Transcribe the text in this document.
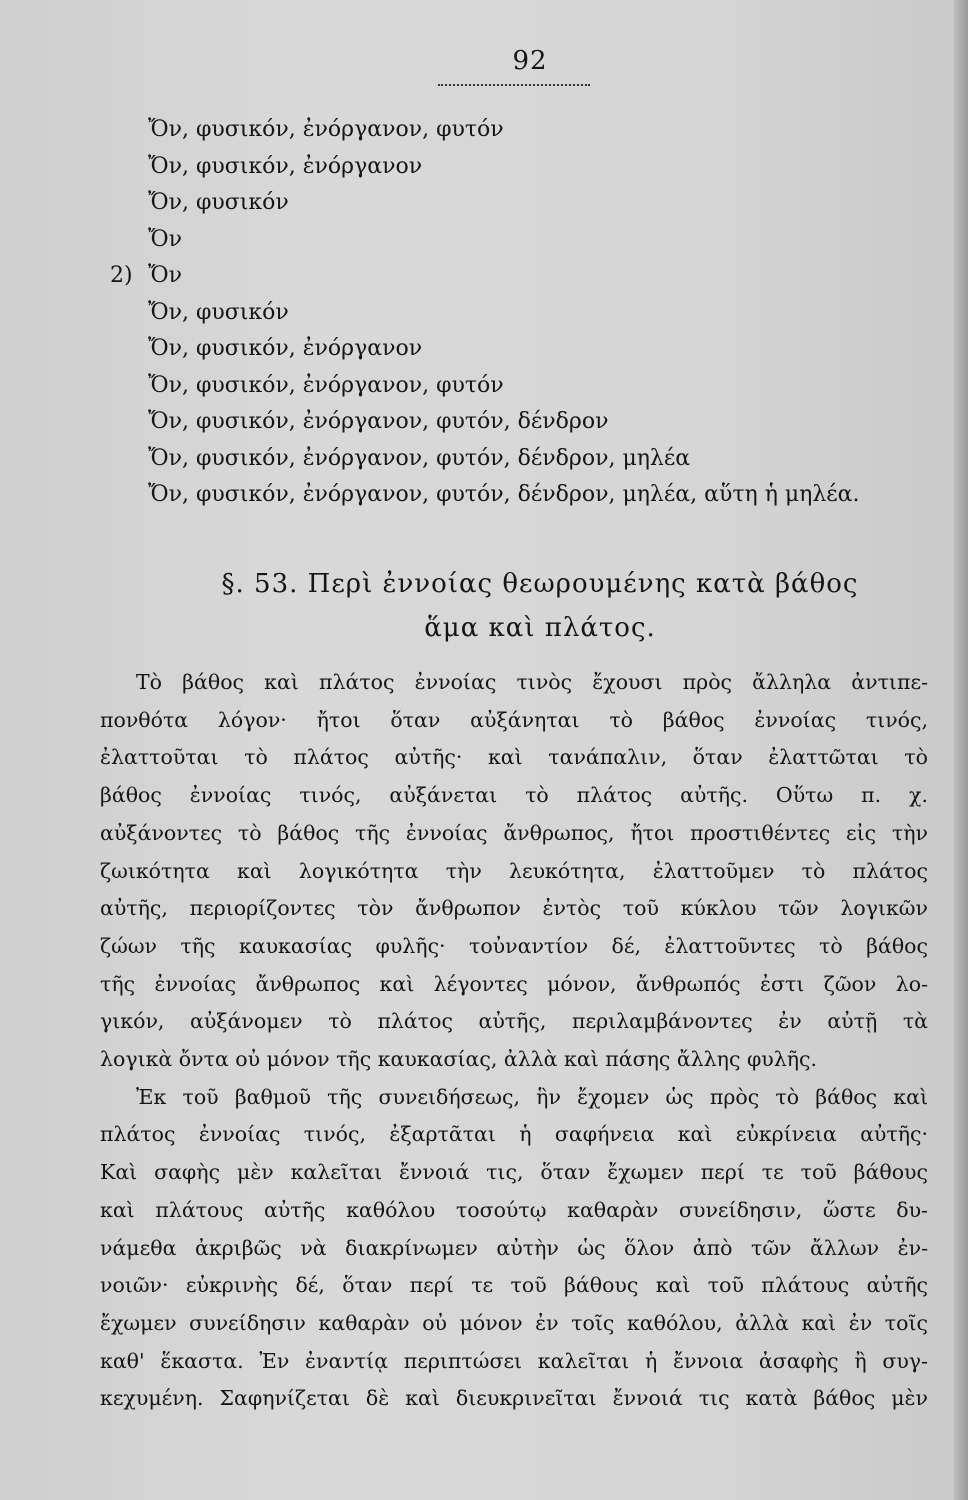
92
Ὄν, φυσικόν, ἐνόργανον, φυτόν
Ὄν, φυσικόν, ἐνόργανον
Ὄν, φυσικόν
Ὄν
2) Ὄν
Ὄν, φυσικόν
Ὄν, φυσικόν, ἐνόργανον
Ὄν, φυσικόν, ἐνόργανον, φυτόν
Ὄν, φυσικόν, ἐνόργανον, φυτόν, δένδρον
Ὄν, φυσικόν, ἐνόργανον, φυτόν, δένδρον, μηλέα
Ὄν, φυσικόν, ἐνόργανον, φυτόν, δένδρον, μηλέα, αὕτη ἡ μηλέα.
§. 53. Περὶ ἐννοίας θεωρουμένης κατὰ βάθος
ἅμα καὶ πλάτος.
Τὸ βάθος καὶ πλάτος ἐννοίας τινὸς ἔχουσι πρὸς ἄλληλα ἀντιπε-
πονθότα λόγον· ἤτοι ὅταν αὐξάνηται τὸ βάθος ἐννοίας τινός,
ἐλαττοῦται τὸ πλάτος αὐτῆς· καὶ τανάπαλιν, ὅταν ἐλαττῶται τὸ
βάθος ἐννοίας τινός, αὐξάνεται τὸ πλάτος αὐτῆς. Οὕτω π. χ.
αὐξάνοντες τὸ βάθος τῆς ἐννοίας ἄνθρωπος, ἤτοι προστιθέντες εἰς τὴν
ζωικότητα καὶ λογικότητα τὴν λευκότητα, ἐλαττοῦμεν τὸ πλάτος
αὐτῆς, περιορίζοντες τὸν ἄνθρωπον ἐντὸς τοῦ κύκλου τῶν λογικῶν
ζώων τῆς καυκασίας φυλῆς· τοὐναντίον δέ, ἐλαττοῦντες τὸ βάθος
τῆς ἐννοίας ἄνθρωπος καὶ λέγοντες μόνον, ἄνθρωπός ἐστι ζῶον λο-
γικόν, αὐξάνομεν τὸ πλάτος αὐτῆς, περιλαμβάνοντες ἐν αὐτῇ τὰ
λογικὰ ὄντα οὐ μόνον τῆς καυκασίας, ἀλλὰ καὶ πάσης ἄλλης φυλῆς.
Ἐκ τοῦ βαθμοῦ τῆς συνειδήσεως, ἣν ἔχομεν ὡς πρὸς τὸ βάθος καὶ
πλάτος ἐννοίας τινός, ἐξαρτᾶται ἡ σαφήνεια καὶ εὐκρίνεια αὐτῆς·
Καὶ σαφὴς μὲν καλεῖται ἔννοιά τις, ὅταν ἔχωμεν περί τε τοῦ βάθους
καὶ πλάτους αὐτῆς καθόλου τοσούτῳ καθαρὰν συνείδησιν, ὥστε δυ-
νάμεθα ἀκριβῶς νὰ διακρίνωμεν αὐτὴν ὡς ὅλον ἀπὸ τῶν ἄλλων ἐν-
νοιῶν· εὐκρινὴς δέ, ὅταν περί τε τοῦ βάθους καὶ τοῦ πλάτους αὐτῆς
ἔχωμεν συνείδησιν καθαρὰν οὐ μόνον ἐν τοῖς καθόλου, ἀλλὰ καὶ ἐν τοῖς
καθ' ἕκαστα. Ἐν ἐναντίᾳ περιπτώσει καλεῖται ἡ ἔννοια ἀσαφὴς ἢ συγ-
κεχυμένη. Σαφηνίζεται δὲ καὶ διευκρινεῖται ἔννοιά τις κατὰ βάθος μὲν
